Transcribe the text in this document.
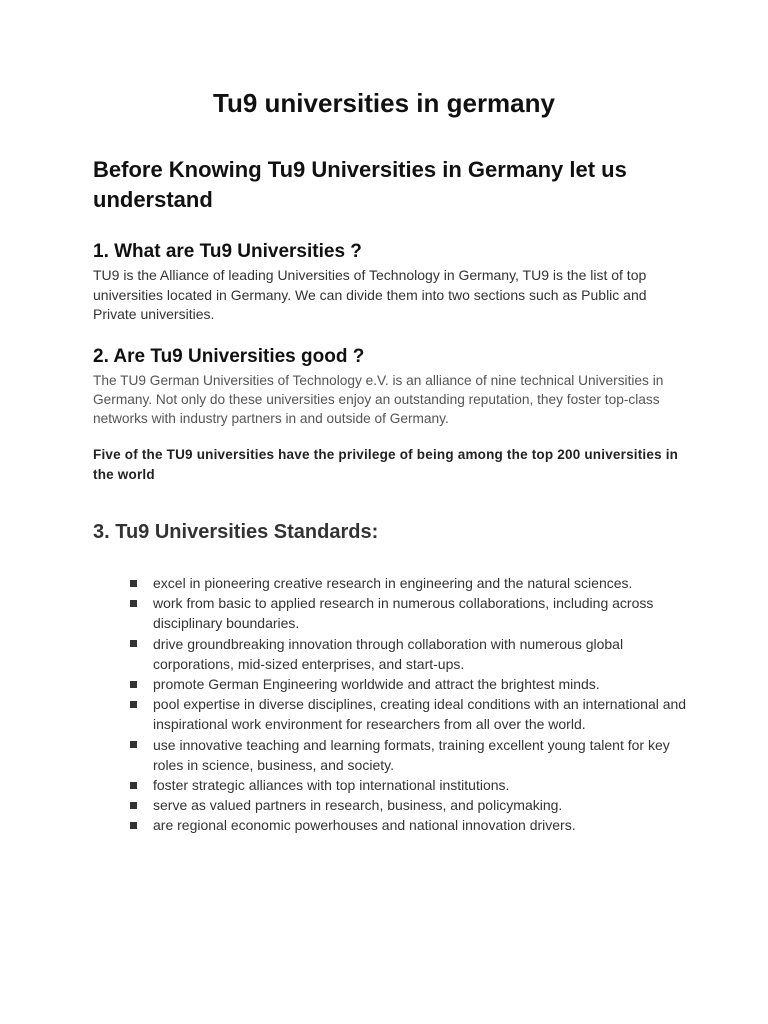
Tu9 universities in germany
Before Knowing Tu9 Universities in Germany let us understand
1. What are Tu9 Universities ?

TU9 is the Alliance of leading Universities of Technology in Germany, TU9 is the list of top universities located in Germany. We can divide them into two sections such as Public and Private universities.

2. Are Tu9 Universities good ?

The TU9 German Universities of Technology e.V. is an alliance of nine technical Universities in Germany. Not only do these universities enjoy an outstanding reputation, they foster top-class networks with industry partners in and outside of Germany.

Five of the TU9 universities have the privilege of being among the top 200 universities in the world

3. Tu9 Universities Standards:
excel in pioneering creative research in engineering and the natural sciences.
work from basic to applied research in numerous collaborations, including across disciplinary boundaries.
drive groundbreaking innovation through collaboration with numerous global corporations, mid-sized enterprises, and start-ups.
promote German Engineering worldwide and attract the brightest minds.
pool expertise in diverse disciplines, creating ideal conditions with an international and inspirational work environment for researchers from all over the world.
use innovative teaching and learning formats, training excellent young talent for key roles in science, business, and society.
foster strategic alliances with top international institutions.
serve as valued partners in research, business, and policymaking.
are regional economic powerhouses and national innovation drivers.
